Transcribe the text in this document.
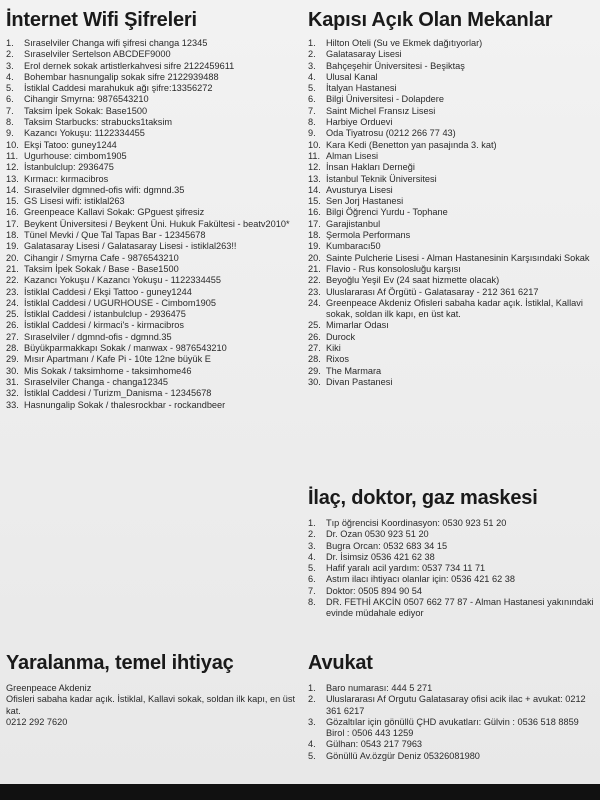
İnternet Wifi Şifreleri
1.	Sıraselviler Changa wifi şifresi changa 12345
2.	Sıraselviler Sertelson ABCDEF9000
3.	Erol dernek sokak artistlerkahvesi sifre 2122459611
4.	Bohembar hasnungalip sokak sifre 2122939488
5.	İstiklal Caddesi marahukuk ağı şifre:13356272
6.	Cihangir Smyrna: 9876543210
7.	Taksim İpek Sokak: Base1500
8.	Taksim Starbucks: strabucks1taksim
9.	Kazancı Yokuşu: 1122334455
10. Ekşi Tatoo: guney1244
11. Ugurhouse: cimbom1905
12. İstanbulclup: 2936475
13. Kırmacı: kırmacibros
14. Sıraselviler dgmned-ofis wifi: dgmnd.35
15. GS Lisesi wifi: istiklal263
16. Greenpeace Kallavi Sokak: GPguest şifresiz
17. Beykent Üniversitesi / Beykent Üni. Hukuk Fakültesi - beatv2010*
18. Tünel Mevki / Que Tal Tapas Bar - 12345678
19. Galatasaray Lisesi / Galatasaray Lisesi - istiklal263!!
20. Cihangir / Smyrna Cafe - 9876543210
21. Taksim İpek Sokak / Base - Base1500
22. Kazancı Yokuşu / Kazancı Yokuşu - 1122334455
23. İstiklal Caddesi / Ekşi Tattoo - guney1244
24. İstiklal Caddesi / UGURHOUSE - Cimbom1905
25. İstiklal Caddesi / istanbulclup - 2936475
26. İstiklal Caddesi / kirmaci's - kirmacibros
27. Sıraselviler / dgmnd-ofis - dgmnd.35
28. Büyükparmakkapı Sokak / manwax - 9876543210
29. Mısır Apartmanı / Kafe Pi - 10te 12ne büyük E
30. Mis Sokak / taksimhome - taksimhome46
31. Sıraselviler Changa - changa12345
32. İstiklal Caddesi / Turizm_Danisma - 12345678
33. Hasnungalip Sokak / thalesrockbar - rockandbeer
Kapısı Açık Olan Mekanlar
1.	Hilton Oteli (Su ve Ekmek dağıtıyorlar)
2.	Galatasaray Lisesi
3.	Bahçeşehir Üniversitesi - Beşiktaş
4.	Ulusal Kanal
5.	İtalyan Hastanesi
6.	Bilgi Üniversitesi - Dolapdere
7.	Saint Michel Fransız Lisesi
8.	Harbiye Orduevi
9.	Oda Tiyatrosu (0212 266 77 43)
10. Kara Kedi (Benetton yan pasajında 3. kat)
11. Alman Lisesi
12. İnsan Hakları Derneği
13. İstanbul Teknik Üniversitesi
14. Avusturya Lisesi
15. Sen Jorj Hastanesi
16. Bilgi Öğrenci Yurdu - Tophane
17. Garajistanbul
18. Şermola Performans
19. Kumbaracı50
20. Sainte Pulcherie Lisesi - Alman Hastanesinin Karşısındaki Sokak
21. Flavio - Rus konsolosluğu karşısı
22. Beyoğlu Yeşil Ev (24 saat hizmette olacak)
23. Uluslararası Af Örgütü - Galatasaray - 212 361 6217
24. Greenpeace Akdeniz Ofisleri sabaha kadar açık. İstiklal, Kallavi sokak, soldan ilk kapı, en üst kat.
25. Mimarlar Odası
26. Durock
27. Kiki
28. Rixos
29. The Marmara
30. Divan Pastanesi
İlaç, doktor, gaz maskesi
1.	Tıp öğrencisi Koordinasyon: 0530 923 51 20
2.	Dr. Ozan 0530 923 51 20
3.	Bugra Orcan: 0532 683 34 15
4.	Dr. İsimsiz 0536 421 62 38
5.	Hafif yaralı acil yardım: 0537 734 11 71
6.	Astım ilacı ihtiyacı olanlar için: 0536 421 62 38
7.	Doktor: 0505 894 90 54
8.	DR. FETHİ AKCİN 0507 662 77 87 - Alman Hastanesi yakınındaki evinde müdahale ediyor
Yaralanma, temel ihtiyaç
Greenpeace Akdeniz
Ofisleri sabaha kadar açık. İstiklal, Kallavi sokak, soldan ilk kapı, en üst kat.
0212 292 7620
Avukat
1.	Baro numarası: 444 5 271
2.	Uluslararası Af Orgutu Galatasaray ofisi acik ilac + avukat: 0212 361 6217
3.	Gözaltılar için gönüllü ÇHD avukatları: Gülvin : 0536 518 8859 Birol : 0506 443 1259
4.	Gülhan: 0543 217 7963
5.	Gönüllü Av.özgür Deniz 05326081980
